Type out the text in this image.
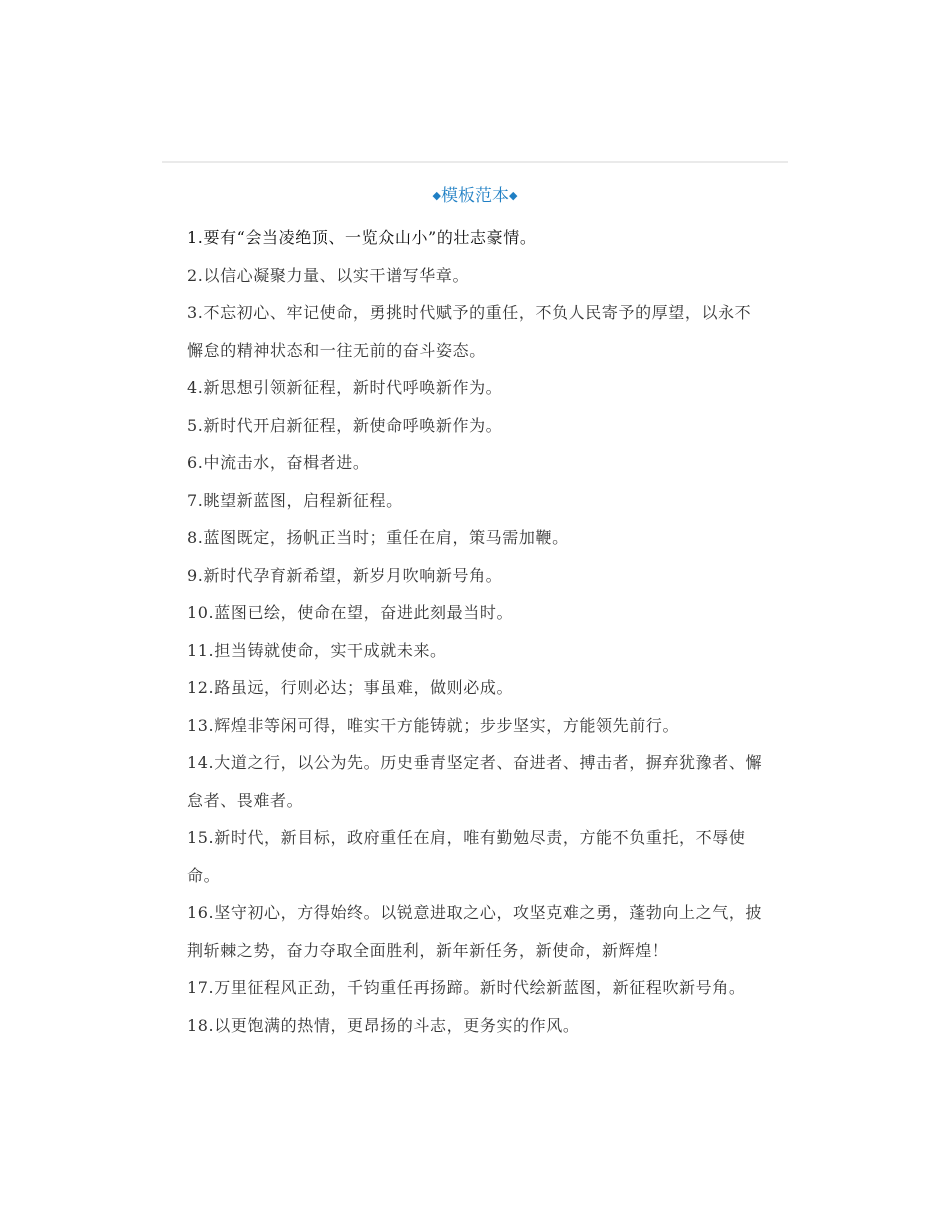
◆模板范本◆

1.要有“会当凌绝顶、一览众山小”的壮志豪情。

2.以信心凝聚力量、以实干谱写华章。

3.不忘初心、牢记使命，勇挑时代赋予的重任，不负人民寄予的厚望，以永不懈怠的精神状态和一往无前的奋斗姿态。

4.新思想引领新征程，新时代呼唤新作为。

5.新时代开启新征程，新使命呼唤新作为。

6.中流击水，奋楫者进。

7.眺望新蓝图，启程新征程。

8.蓝图既定，扬帆正当时；重任在肩，策马需加鞭。

9.新时代孕育新希望，新岁月吹响新号角。

10.蓝图已绘，使命在望，奋进此刻最当时。

11.担当铸就使命，实干成就未来。

12.路虽远，行则必达；事虽难，做则必成。

13.辉煌非等闲可得，唯实干方能铸就；步步坚实，方能领先前行。

14.大道之行，以公为先。历史垂青坚定者、奋进者、搏击者，摒弃犹豫者、懈怠者、畏难者。

15.新时代，新目标，政府重任在肩，唯有勤勉尽责，方能不负重托，不辱使命。

16.坚守初心，方得始终。以锐意进取之心，攻坚克难之勇，蓬勃向上之气，披荆斩棘之势，奋力夺取全面胜利，新年新任务，新使命，新辉煌！

17.万里征程风正劲，千钧重任再扬蹄。新时代绘新蓝图，新征程吹新号角。

18.以更饱满的热情，更昂扬的斗志，更务实的作风。
